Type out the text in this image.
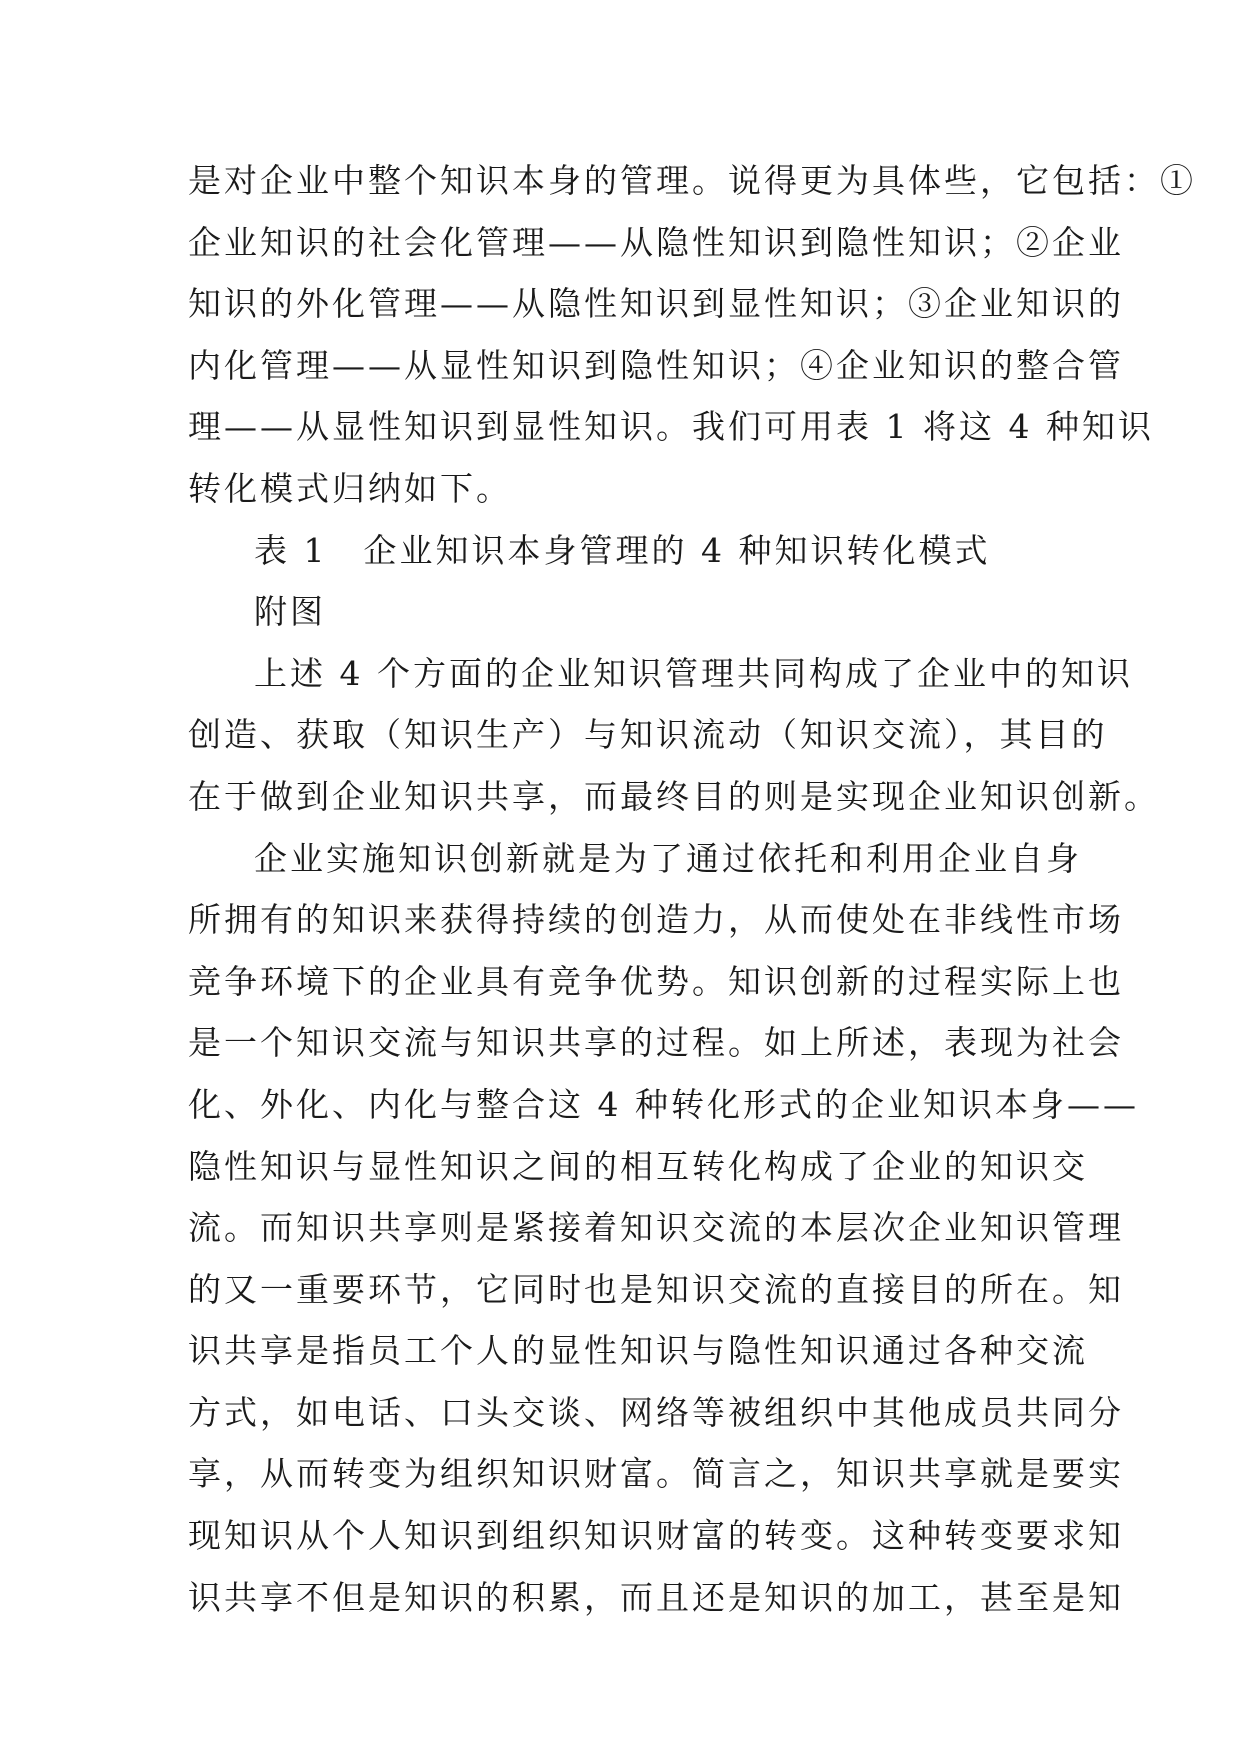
是对企业中整个知识本身的管理。说得更为具体些，它包括：①
企业知识的社会化管理——从隐性知识到隐性知识；②企业
知识的外化管理——从隐性知识到显性知识；③企业知识的
内化管理——从显性知识到隐性知识；④企业知识的整合管
理——从显性知识到显性知识。我们可用表 1 将这 4 种知识
转化模式归纳如下。
表 1　企业知识本身管理的 4 种知识转化模式
附图
上述 4 个方面的企业知识管理共同构成了企业中的知识
创造、获取（知识生产）与知识流动（知识交流），其目的
在于做到企业知识共享，而最终目的则是实现企业知识创新。
企业实施知识创新就是为了通过依托和利用企业自身
所拥有的知识来获得持续的创造力，从而使处在非线性市场
竞争环境下的企业具有竞争优势。知识创新的过程实际上也
是一个知识交流与知识共享的过程。如上所述，表现为社会
化、外化、内化与整合这 4 种转化形式的企业知识本身——
隐性知识与显性知识之间的相互转化构成了企业的知识交
流。而知识共享则是紧接着知识交流的本层次企业知识管理
的又一重要环节，它同时也是知识交流的直接目的所在。知
识共享是指员工个人的显性知识与隐性知识通过各种交流
方式，如电话、口头交谈、网络等被组织中其他成员共同分
享，从而转变为组织知识财富。简言之，知识共享就是要实
现知识从个人知识到组织知识财富的转变。这种转变要求知
识共享不但是知识的积累，而且还是知识的加工，甚至是知
